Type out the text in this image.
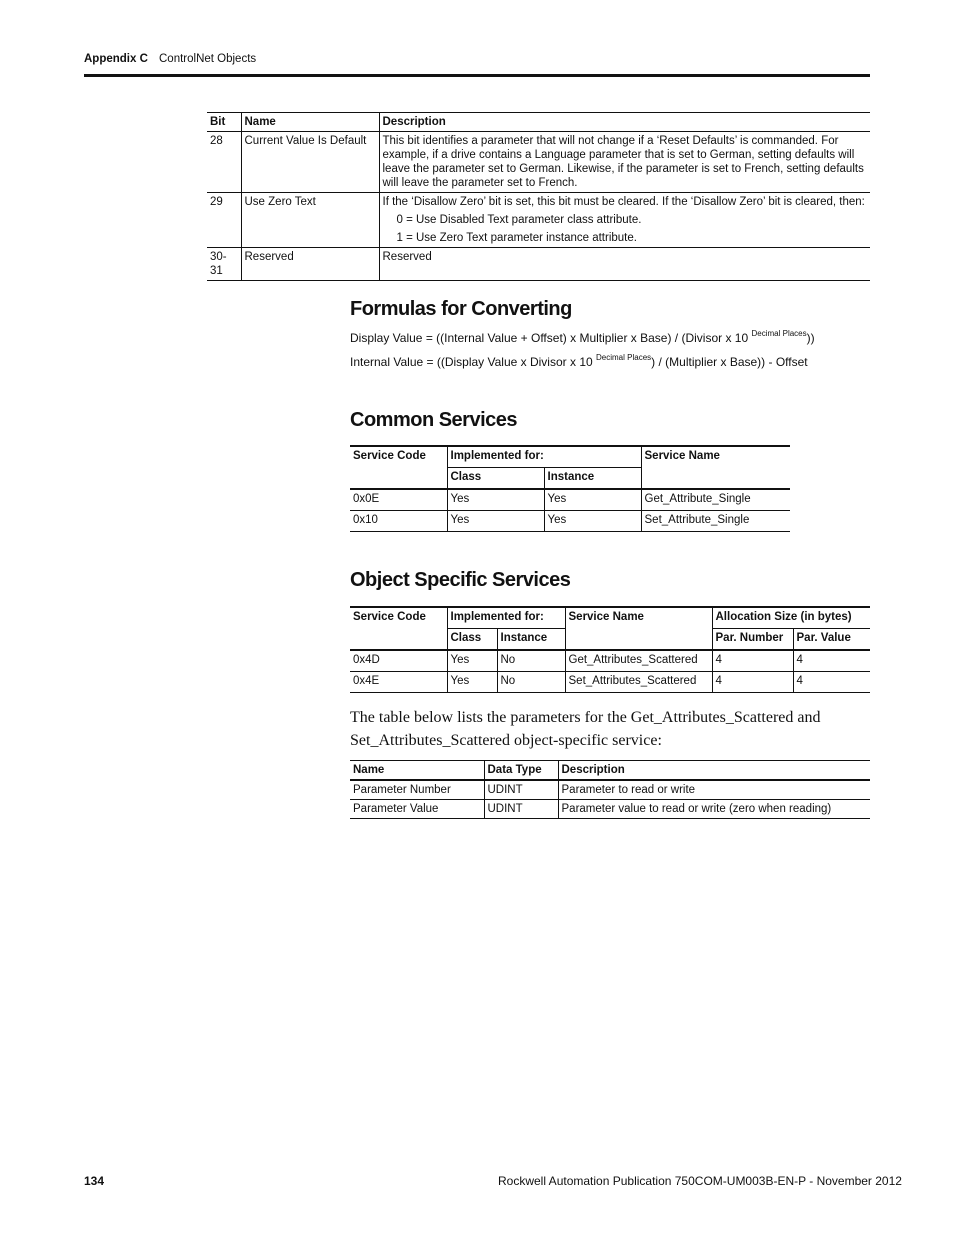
Appendix C ControlNet Objects
Bit	Name	Description
28	Current Value Is Default	This bit identifies a parameter that will not change if a ‘Reset Defaults’ is commanded. For example, if a drive contains a Language parameter that is set to German, setting defaults will leave the parameter set to German. Likewise, if the parameter is set to French, setting defaults will leave the parameter set to French.
29	Use Zero Text	If the ‘Disallow Zero’ bit is set, this bit must be cleared. If the ‘Disallow Zero’ bit is cleared, then:
0 = Use Disabled Text parameter class attribute.
1 = Use Zero Text parameter instance attribute.

30-31	Reserved	Reserved
Formulas for Converting
Display Value = ((Internal Value + Offset) x Multiplier x Base) / (Divisor x 10 $^{Decimal Places}$))
Internal Value = ((Display Value x Divisor x 10 $^{Decimal Places}$) / (Multiplier x Base)) - Offset
Common Services
Service Code	Implemented for:		Service Name
	Class	Instance	
0x0E	Yes	Yes	Get_Attribute_Single
0x10	Yes	Yes	Set_Attribute_Single
Object Specific Services
Service Code	Implemented for:		Service Name	Allocation Size (in bytes)	
	Class	Instance		Par. Number	Par. Value
0x4D	Yes	No	Get_Attributes_Scattered	4	4
0x4E	Yes	No	Set_Attributes_Scattered	4	4
The table below lists the parameters for the Get_Attributes_Scattered and Set_Attributes_Scattered object-specific service:
Name	Data Type	Description
Parameter Number	UDINT	Parameter to read or write
Parameter Value	UDINT	Parameter value to read or write (zero when reading)
134	Rockwell Automation Publication 750COM-UM003B-EN-P - November 2012
